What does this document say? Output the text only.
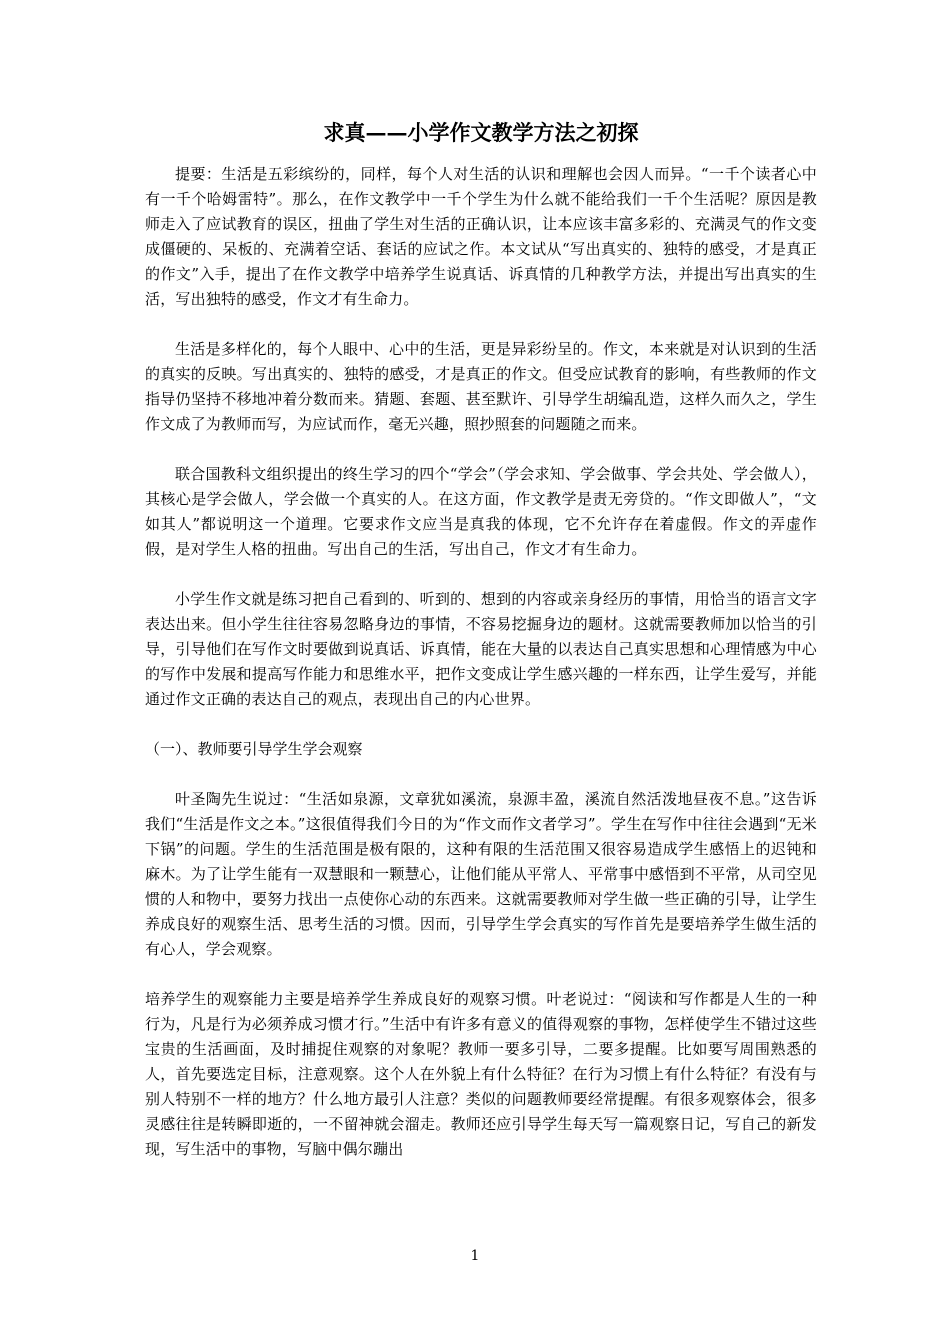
求真——小学作文教学方法之初探

提要：生活是五彩缤纷的，同样，每个人对生活的认识和理解也会因人而异。“一千个读者心中有一千个哈姆雷特”。那么，在作文教学中一千个学生为什么就不能给我们一千个生活呢？原因是教师走入了应试教育的误区，扭曲了学生对生活的正确认识，让本应该丰富多彩的、充满灵气的作文变成僵硬的、呆板的、充满着空话、套话的应试之作。本文试从“写出真实的、独特的感受，才是真正的作文”入手，提出了在作文教学中培养学生说真话、诉真情的几种教学方法，并提出写出真实的生活，写出独特的感受，作文才有生命力。

生活是多样化的，每个人眼中、心中的生活，更是异彩纷呈的。作文，本来就是对认识到的生活的真实的反映。写出真实的、独特的感受，才是真正的作文。但受应试教育的影响，有些教师的作文指导仍坚持不移地冲着分数而来。猜题、套题、甚至默许、引导学生胡编乱造，这样久而久之，学生作文成了为教师而写，为应试而作，毫无兴趣，照抄照套的问题随之而来。

联合国教科文组织提出的终生学习的四个“学会”（学会求知、学会做事、学会共处、学会做人），其核心是学会做人，学会做一个真实的人。在这方面，作文教学是责无旁贷的。“作文即做人”，“文如其人”都说明这一个道理。它要求作文应当是真我的体现，它不允许存在着虚假。作文的弄虚作假，是对学生人格的扭曲。写出自己的生活，写出自己，作文才有生命力。

小学生作文就是练习把自己看到的、听到的、想到的内容或亲身经历的事情，用恰当的语言文字表达出来。但小学生往往容易忽略身边的事情，不容易挖掘身边的题材。这就需要教师加以恰当的引导，引导他们在写作文时要做到说真话、诉真情，能在大量的以表达自己真实思想和心理情感为中心的写作中发展和提高写作能力和思维水平，把作文变成让学生感兴趣的一样东西，让学生爱写，并能通过作文正确的表达自己的观点，表现出自己的内心世界。

（一）、教师要引导学生学会观察

叶圣陶先生说过：“生活如泉源，文章犹如溪流，泉源丰盈，溪流自然活泼地昼夜不息。”这告诉我们“生活是作文之本。”这很值得我们今日的为“作文而作文者学习”。学生在写作中往往会遇到“无米下锅”的问题。学生的生活范围是极有限的，这种有限的生活范围又很容易造成学生感悟上的迟钝和麻木。为了让学生能有一双慧眼和一颗慧心，让他们能从平常人、平常事中感悟到不平常，从司空见惯的人和物中，要努力找出一点使你心动的东西来。这就需要教师对学生做一些正确的引导，让学生养成良好的观察生活、思考生活的习惯。因而，引导学生学会真实的写作首先是要培养学生做生活的有心人，学会观察。

培养学生的观察能力主要是培养学生养成良好的观察习惯。叶老说过：“阅读和写作都是人生的一种行为，凡是行为必须养成习惯才行。”生活中有许多有意义的值得观察的事物，怎样使学生不错过这些宝贵的生活画面，及时捕捉住观察的对象呢？教师一要多引导，二要多提醒。比如要写周围熟悉的人，首先要选定目标，注意观察。这个人在外貌上有什么特征？在行为习惯上有什么特征？有没有与别人特别不一样的地方？什么地方最引人注意？类似的问题教师要经常提醒。有很多观察体会，很多灵感往往是转瞬即逝的，一不留神就会溜走。教师还应引导学生每天写一篇观察日记，写自己的新发现，写生活中的事物，写脑中偶尔蹦出

1
